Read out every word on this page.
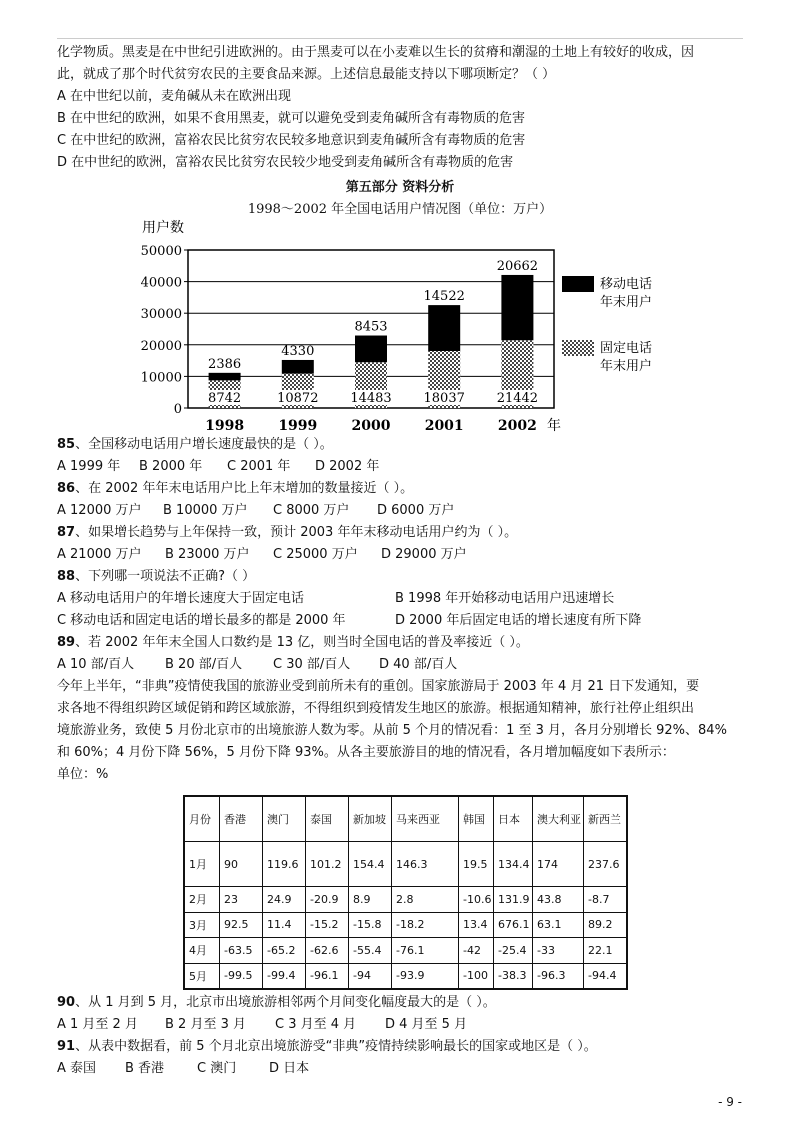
化学物质。黑麦是在中世纪引进欧洲的。由于黑麦可以在小麦难以生长的贫瘠和潮湿的土地上有较好的收成，因
此，就成了那个时代贫穷农民的主要食品来源。上述信息最能支持以下哪项断定？（ ）
A 在中世纪以前，麦角碱从未在欧洲出现
B 在中世纪的欧洲，如果不食用黑麦，就可以避免受到麦角碱所含有毒物质的危害
C 在中世纪的欧洲，富裕农民比贫穷农民较多地意识到麦角碱所含有毒物质的危害
D 在中世纪的欧洲，富裕农民比贫穷农民较少地受到麦角碱所含有毒物质的危害
第五部分 资料分析
1998～2002 年全国电话用户情况图（单位：万户）
用户数
0
10000
20000
30000
40000
50000
8742
2386
10872
4330
14483
8453
18037
14522
21442
20662
1998 1999 2000 2001 2002 年
移动电话
年末用户
固定电话
年末用户
85、全国移动电话用户增长速度最快的是（ ）。
A 1999 年 B 2000 年 C 2001 年 D 2002 年
86、在 2002 年年末电话用户比上年末增加的数量接近（ ）。
A 12000 万户 B 10000 万户 C 8000 万户 D 6000 万户
87、如果增长趋势与上年保持一致，预计 2003 年年末移动电话用户约为（ ）。
A 21000 万户 B 23000 万户 C 25000 万户 D 29000 万户
88、下列哪一项说法不正确?（ ）
A 移动电话用户的年增长速度大于固定电话	B 1998 年开始移动电话用户迅速增长
C 移动电话和固定电话的增长最多的都是 2000 年	D 2000 年后固定电话的增长速度有所下降
89、若 2002 年年末全国人口数约是 13 亿，则当时全国电话的普及率接近（ ）。
A 10 部/百人 B 20 部/百人 C 30 部/百人 D 40 部/百人
今年上半年，“非典”疫情使我国的旅游业受到前所未有的重创。国家旅游局于 2003 年 4 月 21 日下发通知，要
求各地不得组织跨区域促销和跨区域旅游，不得组织到疫情发生地区的旅游。根据通知精神，旅行社停止组织出
境旅游业务，致使 5 月份北京市的出境旅游人数为零。从前 5 个月的情况看：1 至 3 月，各月分别增长 92%、84%
和 60%；4 月份下降 56%，5 月份下降 93%。从各主要旅游目的地的情况看，各月增加幅度如下表所示：
单位：%
月份	香港	澳门	泰国	新加坡	马来西亚	韩国	日本	澳大利亚	新西兰
1月	90	119.6	101.2	154.4	146.3	19.5	134.4	174	237.6
2月	23	24.9	-20.9	8.9	2.8	-10.6	131.9	43.8	-8.7
3月	92.5	11.4	-15.2	-15.8	-18.2	13.4	676.1	63.1	89.2
4月	-63.5	-65.2	-62.6	-55.4	-76.1	-42	-25.4	-33	22.1
5月	-99.5	-99.4	-96.1	-94	-93.9	-100	-38.3	-96.3	-94.4
90、从 1 月到 5 月，北京市出境旅游相邻两个月间变化幅度最大的是（ ）。
A 1 月至 2 月 B 2 月至 3 月 C 3 月至 4 月 D 4 月至 5 月
91、从表中数据看，前 5 个月北京出境旅游受“非典”疫情持续影响最长的国家或地区是（ ）。
A 泰国 B 香港	C 澳门	D 日本
- 9 -
